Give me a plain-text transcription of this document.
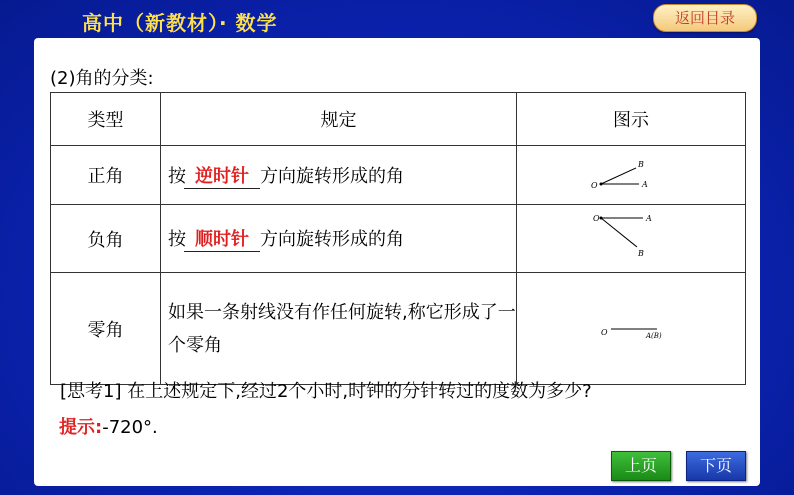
高中（新教材）· 数学	返回目录
(2)角的分类:
类型	规定	图示
正角	按 逆时针 方向旋转形成的角	O A
B

负角	按 顺时针 方向旋转形成的角	O A
B

零角	如果一条射线没有作任何旋转,称它形成了一个零角	O A(B)
[思考1] 在上述规定下,经过2个小时,时钟的分针转过的度数为多少?
提示:-720°.
上页	下页
